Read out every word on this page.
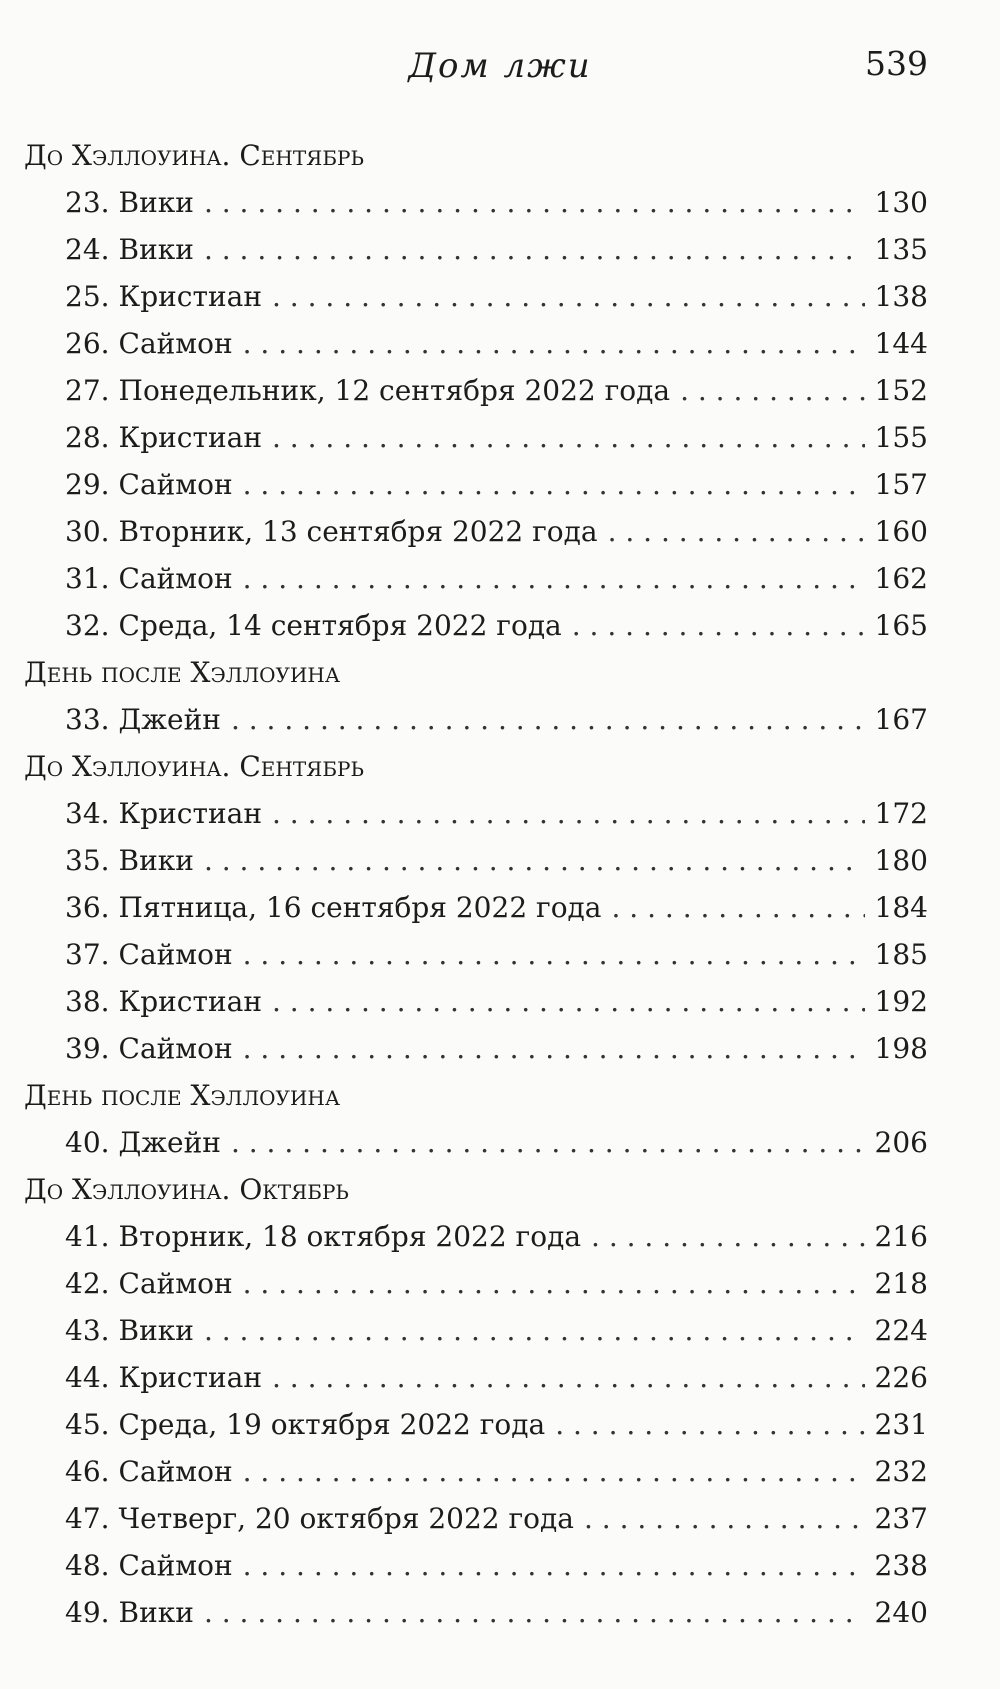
Дом лжи	539
До Хэллоуина. Сентябрь
23. Вики . . .	130
24. Вики . . .	135
25. Кристиан . . .	138
26. Саймон . . .	144
27. Понедельник, 12 сентября 2022 года . . .	152
28. Кристиан . . .	155
29. Саймон . . .	157
30. Вторник, 13 сентября 2022 года . . .	160
31. Саймон . . .	162
32. Среда, 14 сентября 2022 года . . .	165
День после Хэллоуина
33. Джейн . . .	167
До Хэллоуина. Сентябрь
34. Кристиан . . .	172
35. Вики . . .	180
36. Пятница, 16 сентября 2022 года . . .	184
37. Саймон . . .	185
38. Кристиан . . .	192
39. Саймон . . .	198
День после Хэллоуина
40. Джейн . . .	206
До Хэллоуина. Октябрь
41. Вторник, 18 октября 2022 года . . .	216
42. Саймон . . .	218
43. Вики . . .	224
44. Кристиан . . .	226
45. Среда, 19 октября 2022 года . . .	231
46. Саймон . . .	232
47. Четверг, 20 октября 2022 года . . .	237
48. Саймон . . .	238
49. Вики . . .	240
